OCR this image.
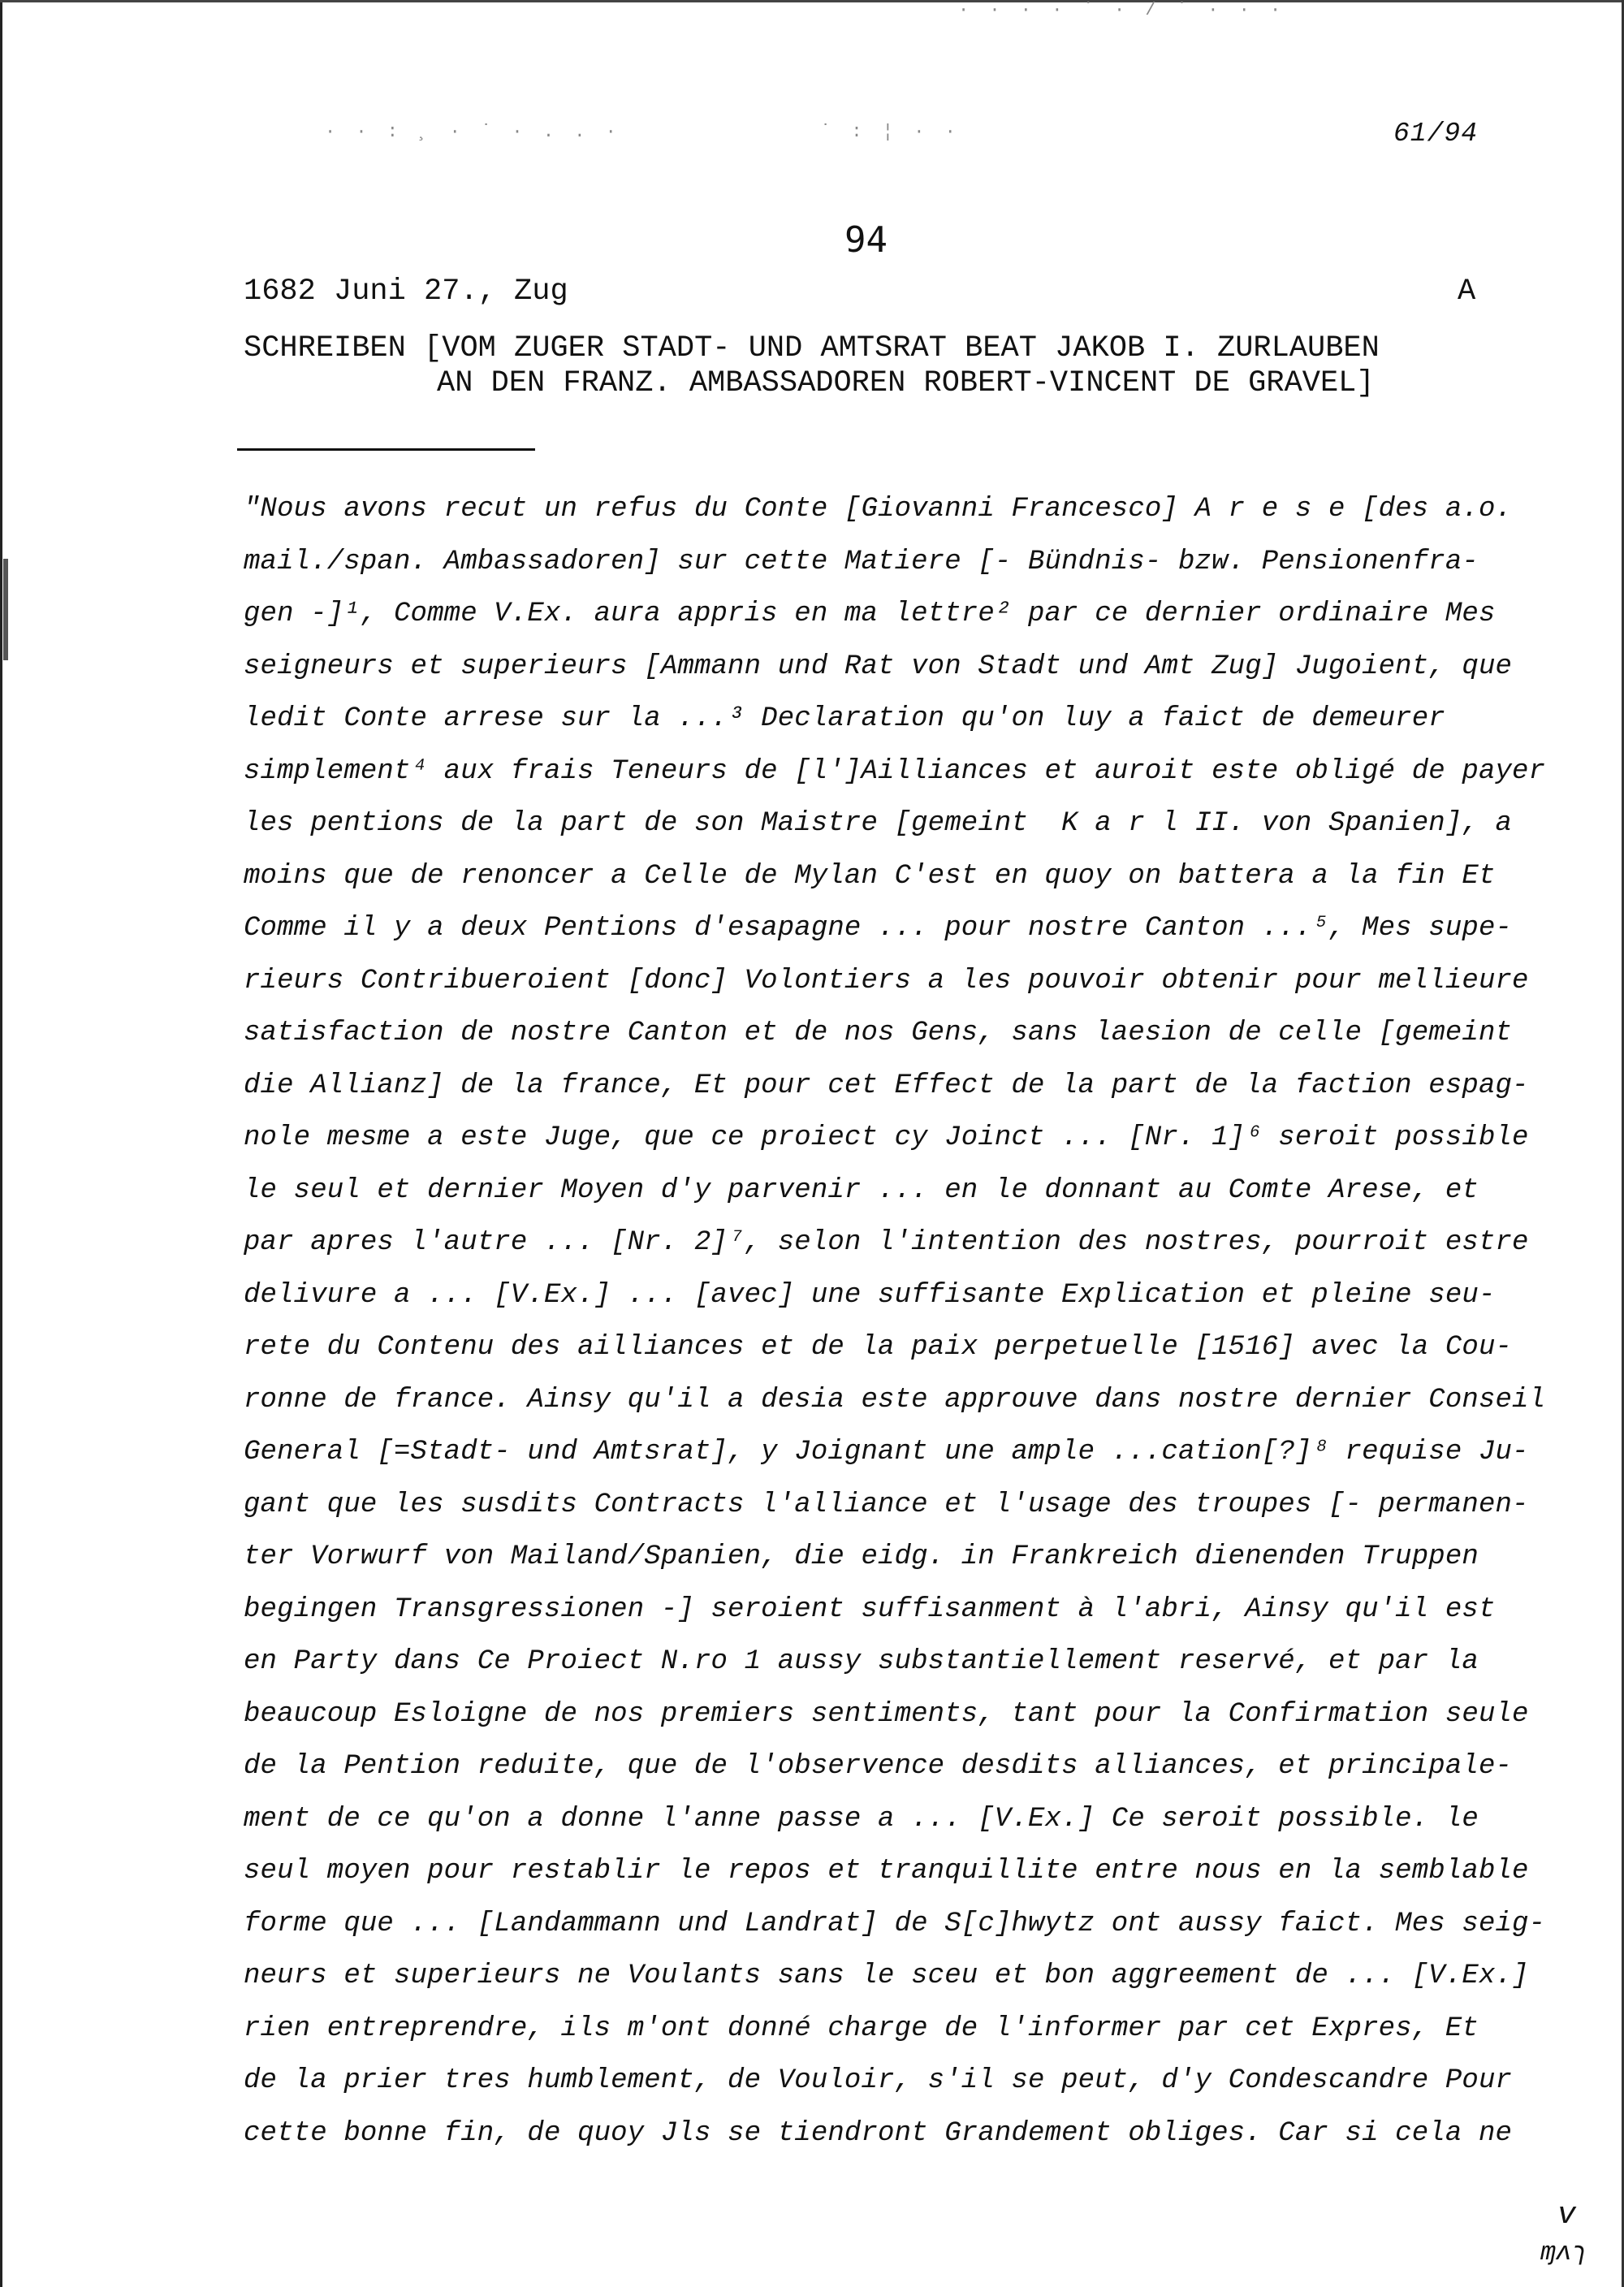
· · : ¸ · ˙ · . . ·	˙ : ¦ · ·
· · · · ˙ · / ˙ · · ·
61/94
94
1682 Juni 27., Zug	A
SCHREIBEN [VOM ZUGER STADT- UND AMTSRAT BEAT JAKOB I. ZURLAUBEN
AN DEN FRANZ. AMBASSADOREN ROBERT-VINCENT DE GRAVEL]
"Nous avons recut un refus du Conte [Giovanni Francesco] A r e s e [des a.o.
mail./span. Ambassadoren] sur cette Matiere [- Bündnis- bzw. Pensionenfra-
gen -]¹, Comme V.Ex. aura appris en ma lettre² par ce dernier ordinaire Mes
seigneurs et superieurs [Ammann und Rat von Stadt und Amt Zug] Jugoient, que
ledit Conte arrese sur la ...³ Declaration qu'on luy a faict de demeurer
simplement⁴ aux frais Teneurs de [l']Ailliances et auroit este obligé de payer
les pentions de la part de son Maistre [gemeint  K a r l II. von Spanien], a
moins que de renoncer a Celle de Mylan C'est en quoy on battera a la fin Et
Comme il y a deux Pentions d'esapagne ... pour nostre Canton ...⁵, Mes supe-
rieurs Contribueroient [donc] Volontiers a les pouvoir obtenir pour mellieure
satisfaction de nostre Canton et de nos Gens, sans laesion de celle [gemeint
die Allianz] de la france, Et pour cet Effect de la part de la faction espag-
nole mesme a este Juge, que ce proiect cy Joinct ... [Nr. 1]⁶ seroit possible
le seul et dernier Moyen d'y parvenir ... en le donnant au Comte Arese, et
par apres l'autre ... [Nr. 2]⁷, selon l'intention des nostres, pourroit estre
delivure a ... [V.Ex.] ... [avec] une suffisante Explication et pleine seu-
rete du Contenu des ailliances et de la paix perpetuelle [1516] avec la Cou-
ronne de france. Ainsy qu'il a desia este approuve dans nostre dernier Conseil
General [=Stadt- und Amtsrat], y Joignant une ample ...cation[?]⁸ requise Ju-
gant que les susdits Contracts l'alliance et l'usage des troupes [- permanen-
ter Vorwurf von Mailand/Spanien, die eidg. in Frankreich dienenden Truppen
begingen Transgressionen -] seroient suffisanment à l'abri, Ainsy qu'il est
en Party dans Ce Proiect N.ro 1 aussy substantiellement reservé, et par la
beaucoup Esloigne de nos premiers sentiments, tant pour la Confirmation seule
de la Pention reduite, que de l'observence desdits alliances, et principale-
ment de ce qu'on a donne l'anne passe a ... [V.Ex.] Ce seroit possible. le
seul moyen pour restablir le repos et tranquillite entre nous en la semblable
forme que ... [Landammann und Landrat] de S[c]hwytz ont aussy faict. Mes seig-
neurs et superieurs ne Voulants sans le sceu et bon aggreement de ... [V.Ex.]
rien entreprendre, ils m'ont donné charge de l'informer par cet Expres, Et
de la prier tres humblement, de Vouloir, s'il se peut, d'y Condescandre Pour
cette bonne fin, de quoy Jls se tiendront Grandement obliges. Car si cela ne
v
ɱʌɿ
